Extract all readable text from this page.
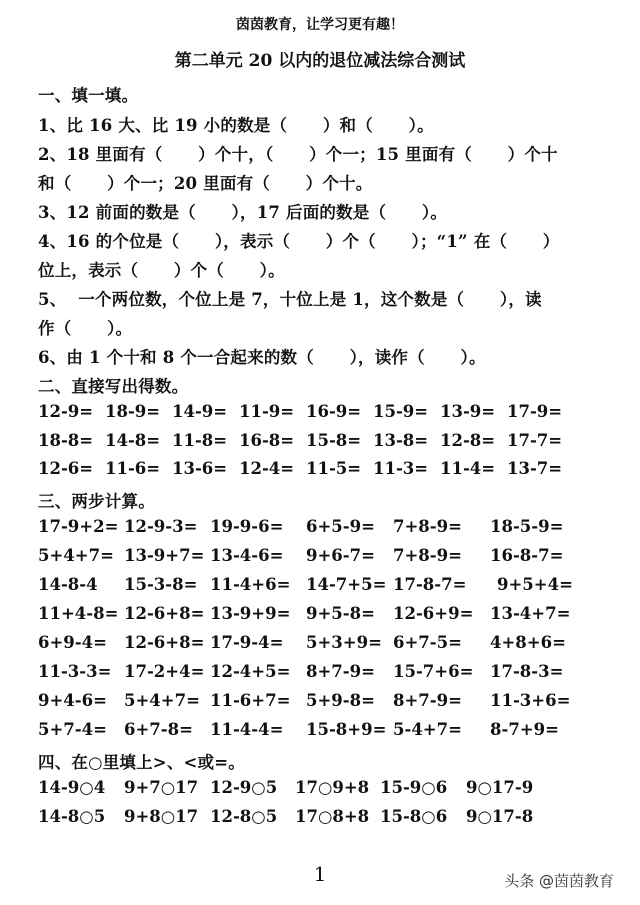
茵茵教育，让学习更有趣！
第二单元 20 以内的退位减法综合测试
一、填一填。
1、比 16 大、比 19 小的数是（      ）和（      ）。
2、18 里面有（      ）个十，（      ）个一；15 里面有（      ）个十
和（      ）个一；20 里面有（      ）个十。
3、12 前面的数是（      ），17 后面的数是（      ）。
4、16 的个位是（      ），表示（      ）个（      ）；“1” 在（      ）
位上，表示（      ）个（      ）。
5、  一个两位数，个位上是 7，十位上是 1，这个数是（      ），读
作（      ）。
6、由 1 个十和 8 个一合起来的数（      ），读作（      ）。
二、直接写出得数。
12-9= 18-9= 14-9= 11-9= 16-9= 15-9= 13-9= 17-9=
18-8= 14-8= 11-8= 16-8= 15-8= 13-8= 12-8= 17-7=
12-6= 11-6= 13-6= 12-4= 11-5= 11-3= 11-4= 13-7=
三、两步计算。
17-9+2= 12-9-3= 19-9-6= 6+5-9= 7+8-9= 18-5-9=
5+4+7= 13-9+7= 13-4-6= 9+6-7= 7+8-9= 16-8-7=
14-8-4 15-3-8= 11-4+6= 14-7+5= 17-8-7= 9+5+4=
11+4-8= 12-6+8= 13-9+9= 9+5-8= 12-6+9= 13-4+7=
6+9-4= 12-6+8= 17-9-4= 5+3+9= 6+7-5= 4+8+6=
11-3-3= 17-2+4= 12-4+5= 8+7-9= 15-7+6= 17-8-3=
9+4-6= 5+4+7= 11-6+7= 5+9-8= 8+7-9= 11-3+6=
5+7-4= 6+7-8= 11-4-4= 15-8+9= 5-4+7= 8-7+9=
四、在○里填上>、<或=。
14-9○4 9+7○17 12-9○5 17○9+8 15-9○6 9○17-9
14-8○5 9+8○17 12-8○5 17○8+8 15-8○6 9○17-8
1	头条 @茵茵教育
